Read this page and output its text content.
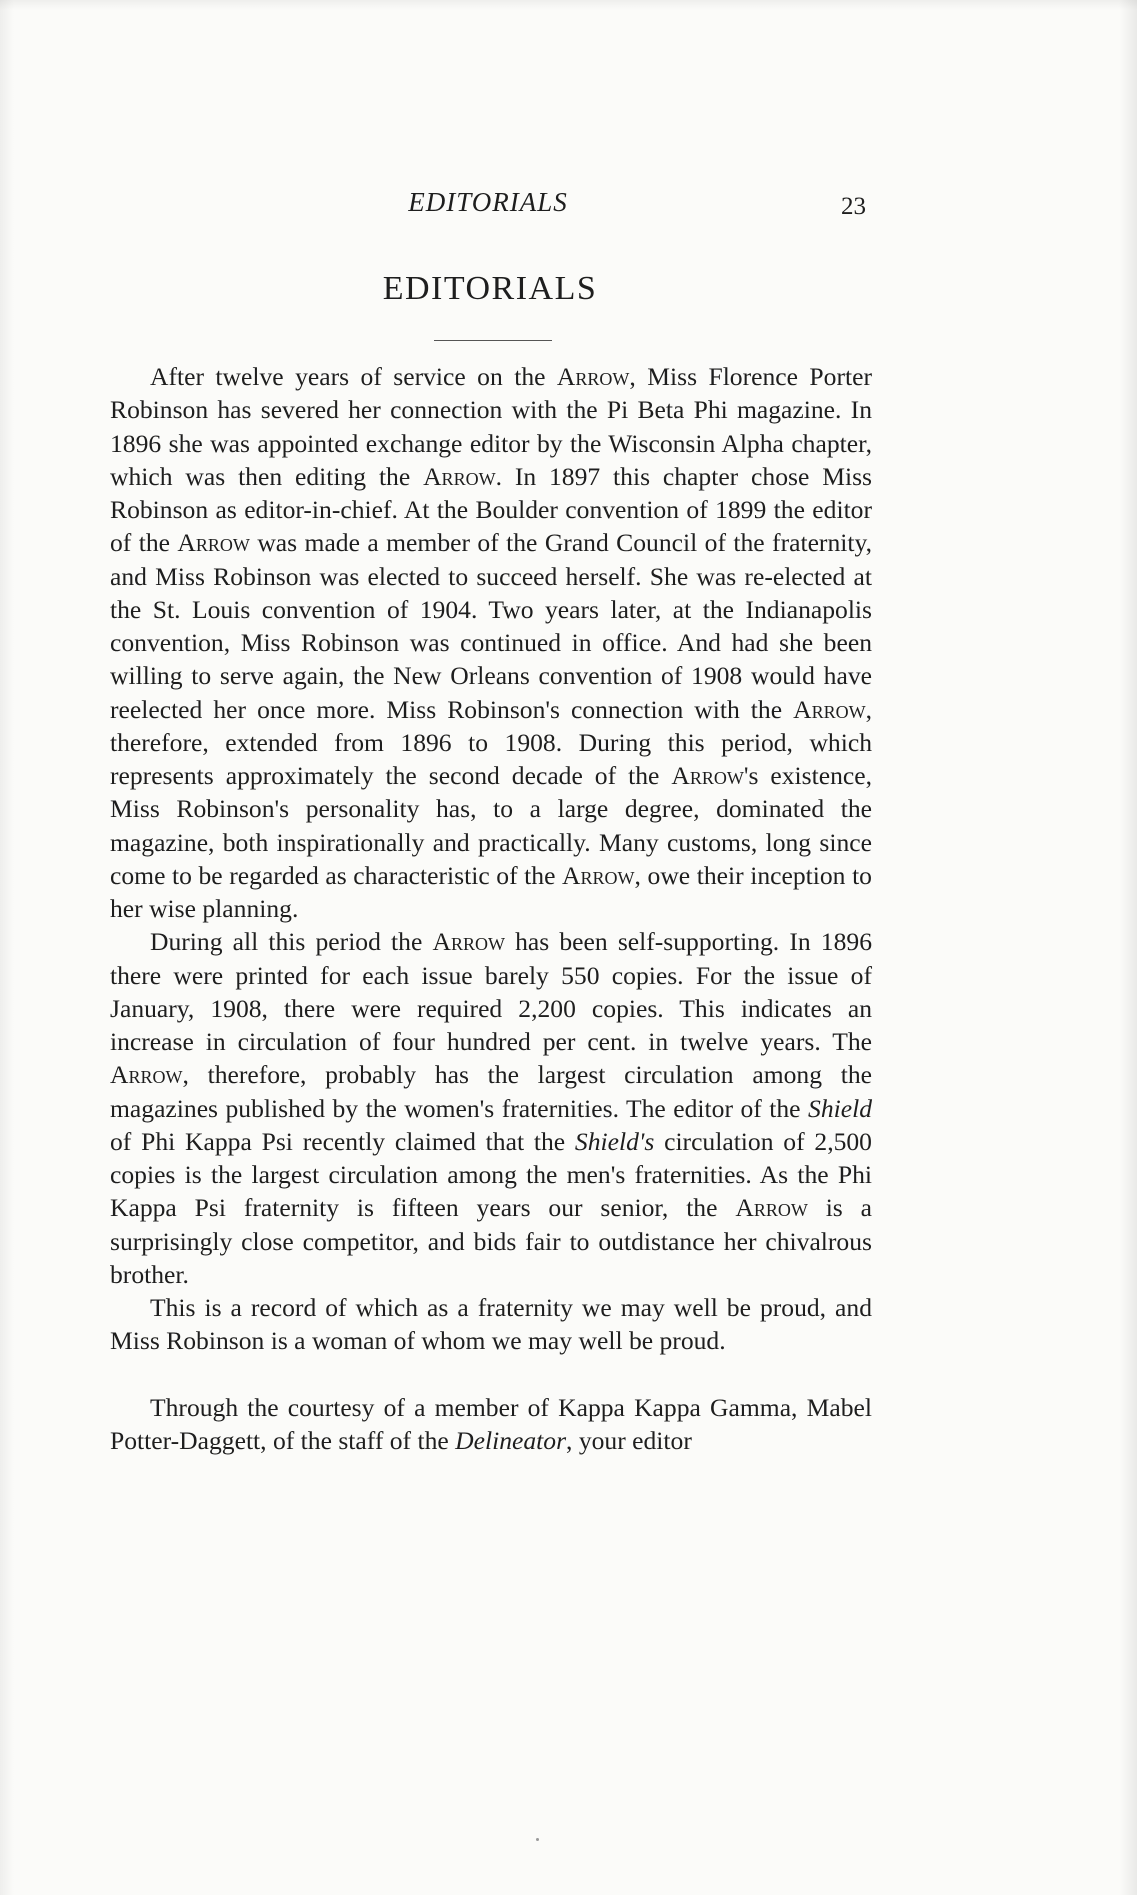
EDITORIALS	23
EDITORIALS

After twelve years of service on the Arrow, Miss Florence Porter Robinson has severed her connection with the Pi Beta Phi magazine. In 1896 she was appointed exchange editor by the Wisconsin Alpha chapter, which was then editing the Arrow. In 1897 this chapter chose Miss Robinson as editor-in-chief. At the Boulder convention of 1899 the editor of the Arrow was made a member of the Grand Council of the fraternity, and Miss Robinson was elected to succeed herself. She was re-elected at the St. Louis convention of 1904. Two years later, at the Indianapolis convention, Miss Robinson was continued in office. And had she been willing to serve again, the New Orleans convention of 1908 would have reelected her once more. Miss Robinson's connection with the Arrow, therefore, extended from 1896 to 1908. During this period, which represents approximately the second decade of the Arrow's existence, Miss Robinson's personality has, to a large degree, dominated the magazine, both inspirationally and practically. Many customs, long since come to be regarded as characteristic of the Arrow, owe their inception to her wise planning.

During all this period the Arrow has been self-supporting. In 1896 there were printed for each issue barely 550 copies. For the issue of January, 1908, there were required 2,200 copies. This indicates an increase in circulation of four hundred per cent. in twelve years. The Arrow, therefore, probably has the largest circulation among the magazines published by the women's fraternities. The editor of the Shield of Phi Kappa Psi recently claimed that the Shield's circulation of 2,500 copies is the largest circulation among the men's fraternities. As the Phi Kappa Psi fraternity is fifteen years our senior, the Arrow is a surprisingly close competitor, and bids fair to outdistance her chivalrous brother.

This is a record of which as a fraternity we may well be proud, and Miss Robinson is a woman of whom we may well be proud.

Through the courtesy of a member of Kappa Kappa Gamma, Mabel Potter-Daggett, of the staff of the Delineator, your editor
